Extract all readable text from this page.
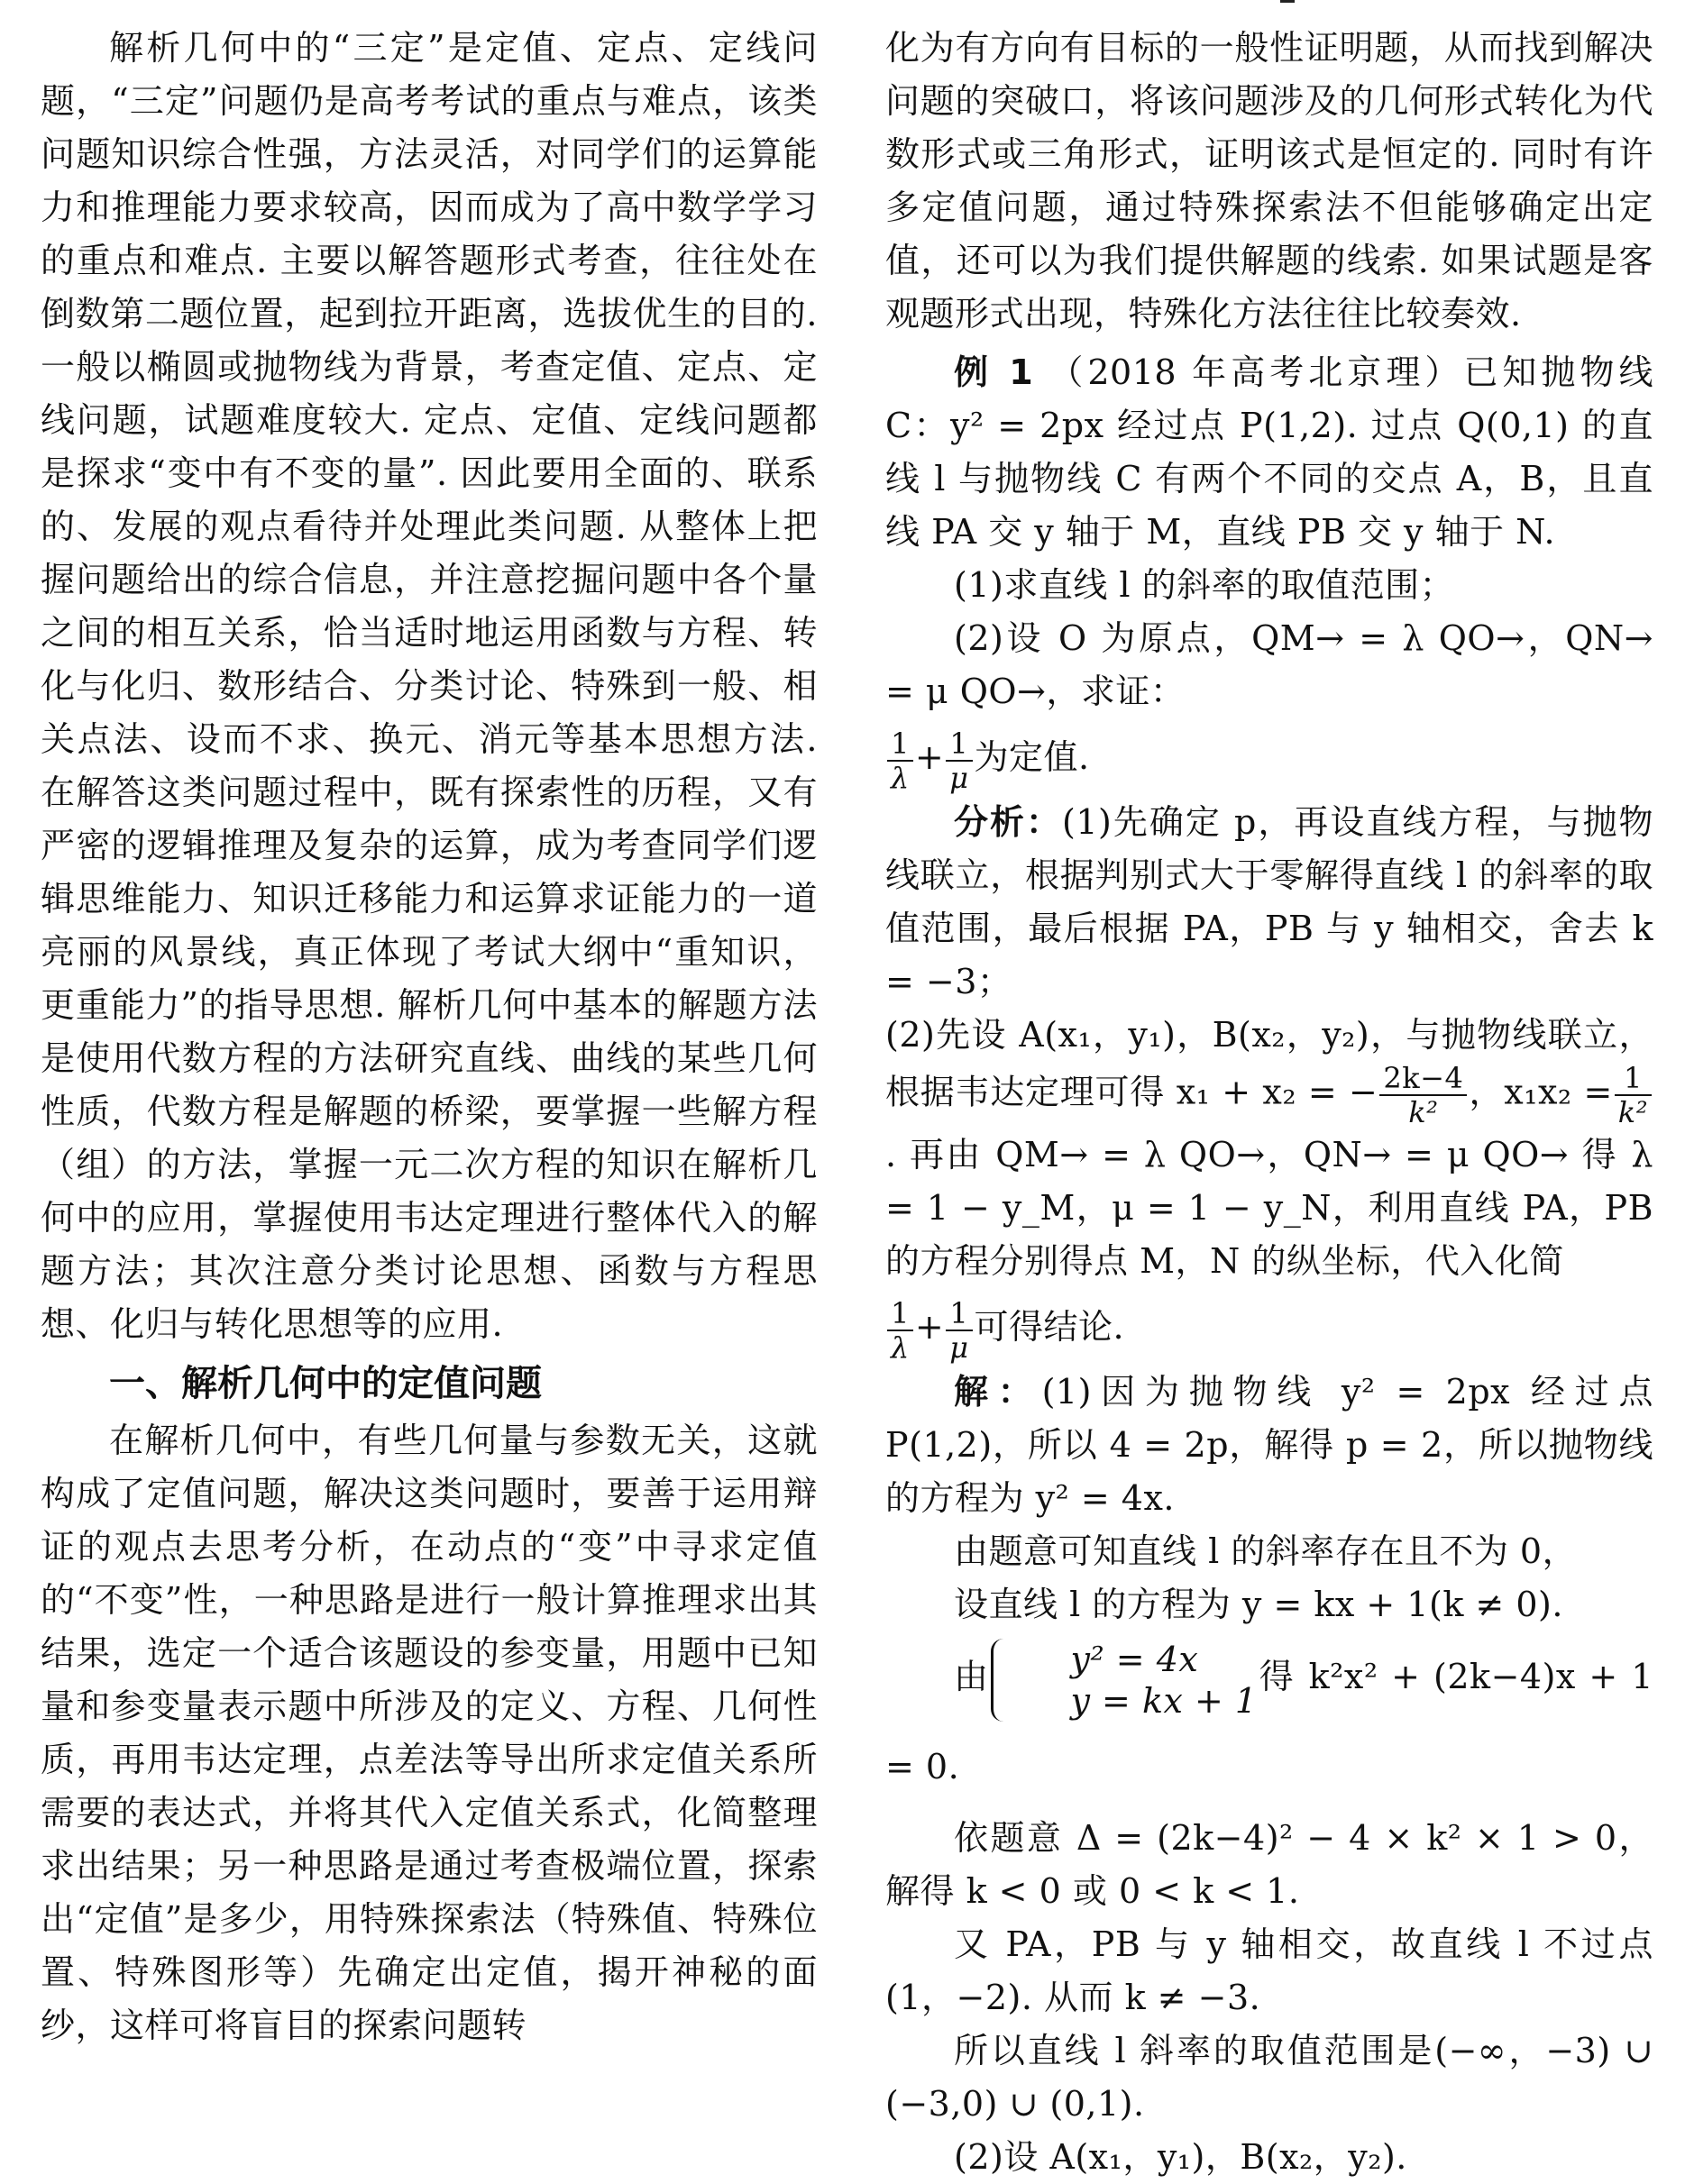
解析几何中的“三定”是定值、定点、定线问题，“三定”问题仍是高考考试的重点与难点，该类问题知识综合性强，方法灵活，对同学们的运算能力和推理能力要求较高，因而成为了高中数学学习的重点和难点. 主要以解答题形式考查，往往处在倒数第二题位置，起到拉开距离，选拔优生的目的. 一般以椭圆或抛物线为背景，考查定值、定点、定线问题，试题难度较大. 定点、定值、定线问题都是探求“变中有不变的量”. 因此要用全面的、联系的、发展的观点看待并处理此类问题. 从整体上把握问题给出的综合信息，并注意挖掘问题中各个量之间的相互关系，恰当适时地运用函数与方程、转化与化归、数形结合、分类讨论、特殊到一般、相关点法、设而不求、换元、消元等基本思想方法. 在解答这类问题过程中，既有探索性的历程，又有严密的逻辑推理及复杂的运算，成为考查同学们逻辑思维能力、知识迁移能力和运算求证能力的一道亮丽的风景线，真正体现了考试大纲中“重知识，更重能力”的指导思想. 解析几何中基本的解题方法是使用代数方程的方法研究直线、曲线的某些几何性质，代数方程是解题的桥梁，要掌握一些解方程（组）的方法，掌握一元二次方程的知识在解析几何中的应用，掌握使用韦达定理进行整体代入的解题方法；其次注意分类讨论思想、函数与方程思想、化归与转化思想等的应用.

一、解析几何中的定值问题

在解析几何中，有些几何量与参数无关，这就构成了定值问题，解决这类问题时，要善于运用辩证的观点去思考分析，在动点的“变”中寻求定值的“不变”性，一种思路是进行一般计算推理求出其结果，选定一个适合该题设的参变量，用题中已知量和参变量表示题中所涉及的定义、方程、几何性质，再用韦达定理，点差法等导出所求定值关系所需要的表达式，并将其代入定值关系式，化简整理求出结果；另一种思路是通过考查极端位置，探索出“定值”是多少，用特殊探索法（特殊值、特殊位置、特殊图形等）先确定出定值，揭开神秘的面纱，这样可将盲目的探索问题转

化为有方向有目标的一般性证明题，从而找到解决问题的突破口，将该问题涉及的几何形式转化为代数形式或三角形式，证明该式是恒定的. 同时有许多定值问题，通过特殊探索法不但能够确定出定值，还可以为我们提供解题的线索. 如果试题是客观题形式出现，特殊化方法往往比较奏效.

例 1 （2018 年高考北京理）已知抛物线 C：y² = 2px 经过点 P(1,2). 过点 Q(0,1) 的直线 l 与抛物线 C 有两个不同的交点 A，B，且直线 PA 交 y 轴于 M，直线 PB 交 y 轴于 N.

(1)求直线 l 的斜率的取值范围；

(2)设 O 为原点，QM→ = λ QO→，QN→ = μ QO→，求证：

$\frac{1}{\lambda} + \frac{1}{\mu}$ 为定值.

分析：(1)先确定 p，再设直线方程，与抛物线联立，根据判别式大于零解得直线 l 的斜率的取值范围，最后根据 PA，PB 与 y 轴相交，舍去 k = −3；

(2)先设 A(x₁，y₁)，B(x₂，y₂)，与抛物线联立，根据韦达定理可得 x₁ + x₂ = − $\frac{2k-4}{\text{k²}}$ ，$x_1x_2 = \frac{1}{\text{k²}}$
. 再由 QM→ = λ QO→，QN→ = μ QO→ 得 λ = 1 − y_M，μ = 1 − y_N，利用直线 PA，PB 的方程分别得点 M，N 的纵坐标，代入化简

$\frac{1}{\lambda} + \frac{1}{\mu}$ 可得结论.

解：(1)因为抛物线 y² = 2px 经过点 P(1,2)，所以 4 = 2p，解得 p = 2，所以抛物线的方程为 y² = 4x.

由题意可知直线 l 的斜率存在且不为 0，

设直线 l 的方程为 y = kx + 1(k ≠ 0).

由	y² = 4x
y = kx + 1
得 k²x² + (2k−4)x + 1 = 0.

依题意 Δ = (2k−4)² − 4 × k² × 1 > 0，解得 k < 0 或 0 < k < 1.

又 PA，PB 与 y 轴相交，故直线 l 不过点(1，−2). 从而 k ≠ −3.

所以直线 l 斜率的取值范围是(−∞，−3) ∪ (−3,0) ∪ (0,1).

(2)设 A(x₁，y₁)，B(x₂，y₂).
